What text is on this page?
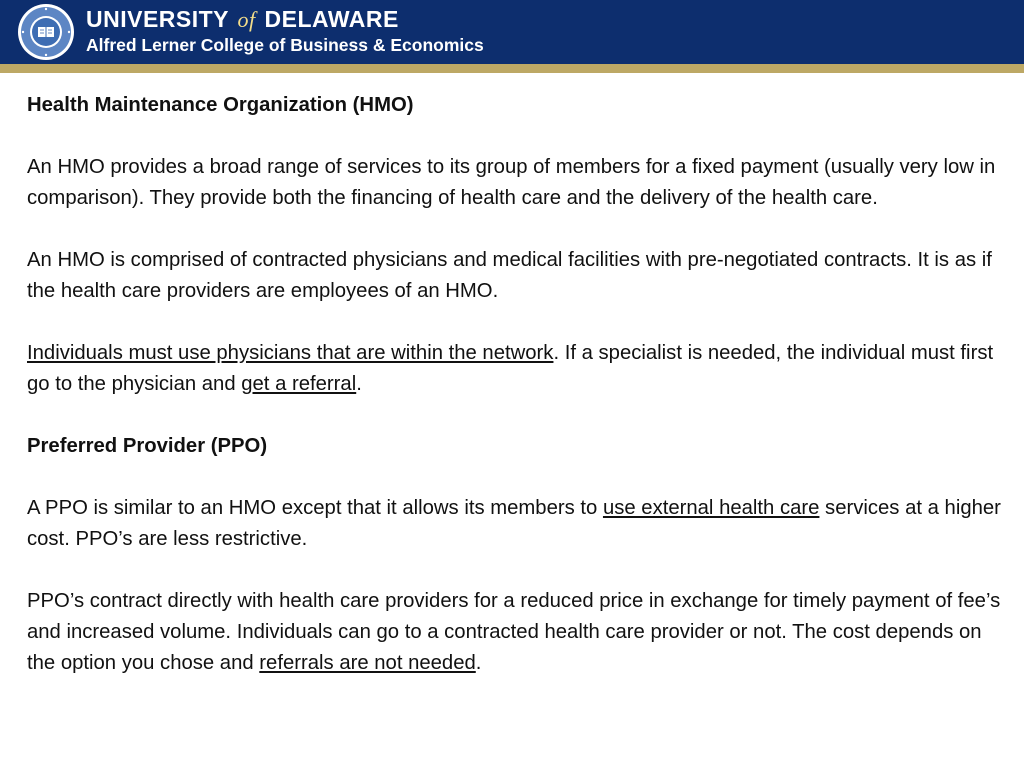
UNIVERSITY of DELAWARE
Alfred Lerner College of Business & Economics
Health Maintenance Organization (HMO)

An HMO provides a broad range of services to its group of members for a fixed payment (usually very low in comparison). They provide both the financing of health care and the delivery of the health care.

An HMO is comprised of contracted physicians and medical facilities with pre-negotiated contracts. It is as if the health care providers are employees of an HMO.

Individuals must use physicians that are within the network. If a specialist is needed, the individual must first go to the physician and get a referral.

Preferred Provider (PPO)

A PPO is similar to an HMO except that it allows its members to use external health care services at a higher cost. PPO’s are less restrictive.

PPO’s contract directly with health care providers for a reduced price in exchange for timely payment of fee’s and increased volume. Individuals can go to a contracted health care provider or not. The cost depends on the option you chose and referrals are not needed.
